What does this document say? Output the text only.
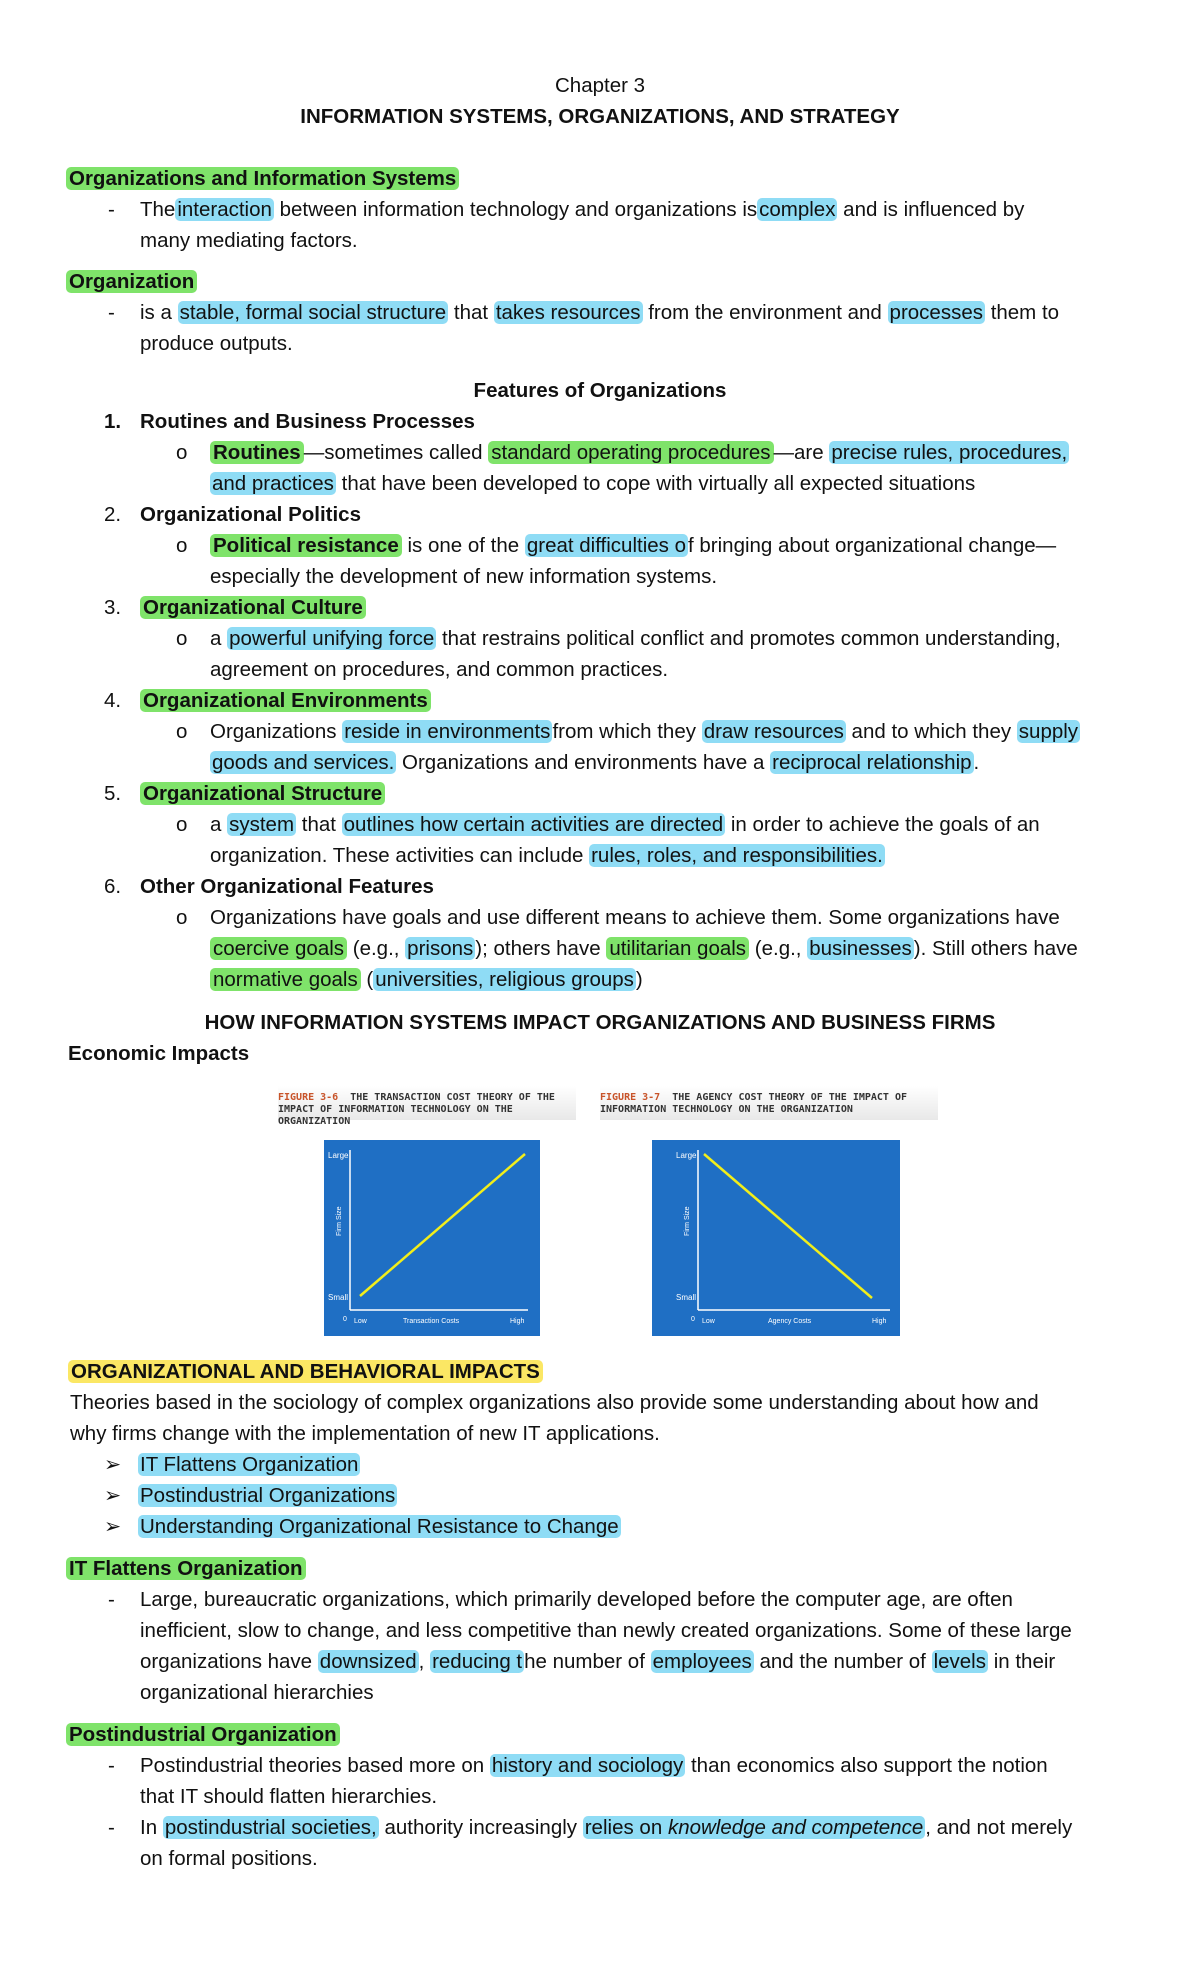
Chapter 3
INFORMATION SYSTEMS, ORGANIZATIONS, AND STRATEGY
Organizations and Information Systems
- Theinteraction between information technology and organizations iscomplex and is influenced by
many mediating factors.
Organization
- is a stable, formal social structure that takes resources from the environment and processes them to
produce outputs.
Features of Organizations
1. Routines and Business Processes
o Routines —sometimes called standard operating procedures —are precise rules, procedures,
and practices that have been developed to cope with virtually all expected situations
2. Organizational Politics
o Political resistance is one of the great difficulties of bringing about organizational change—
especially the development of new information systems.
3. Organizational Culture
o a powerful unifying force that restrains political conflict and promotes common understanding,
agreement on procedures, and common practices.
4. Organizational Environments
o Organizations reside in environmentsfrom which they draw resources and to which they supply
goods and services. Organizations and environments have a reciprocal relationship.
5. Organizational Structure
o a system that outlines how certain activities are directed in order to achieve the goals of an
organization. These activities can include rules, roles, and responsibilities.
6. Other Organizational Features
o Organizations have goals and use different means to achieve them. Some organizations have
coercive goals (e.g., prisons); others have utilitarian goals (e.g., businesses). Still others have
normative goals (universities, religious groups)
HOW INFORMATION SYSTEMS IMPACT ORGANIZATIONS AND BUSINESS FIRMS
Economic Impacts
FIGURE 3-6 THE TRANSACTION COST THEORY OF THE IMPACT OF INFORMATION TECHNOLOGY ON THE ORGANIZATION
Large
Small
Firm Size
0 Low	Transaction Costs	High
FIGURE 3-7 THE AGENCY COST THEORY OF THE IMPACT OF INFORMATION TECHNOLOGY ON THE ORGANIZATION
Large
Small
Firm Size
0 Low	Agency Costs	High
ORGANIZATIONAL AND BEHAVIORAL IMPACTS
Theories based in the sociology of complex organizations also provide some understanding about how and
why firms change with the implementation of new IT applications.
➢ IT Flattens Organization
➢ Postindustrial Organizations
➢ Understanding Organizational Resistance to Change
IT Flattens Organization
- Large, bureaucratic organizations, which primarily developed before the computer age, are often
inefficient, slow to change, and less competitive than newly created organizations. Some of these large
organizations have downsized, reducing the number of employees and the number of levels in their
organizational hierarchies
Postindustrial Organization
- Postindustrial theories based more on history and sociology than economics also support the notion
that IT should flatten hierarchies.
- In postindustrial societies, authority increasingly relies on knowledge and competence, and not merely
on formal positions.
